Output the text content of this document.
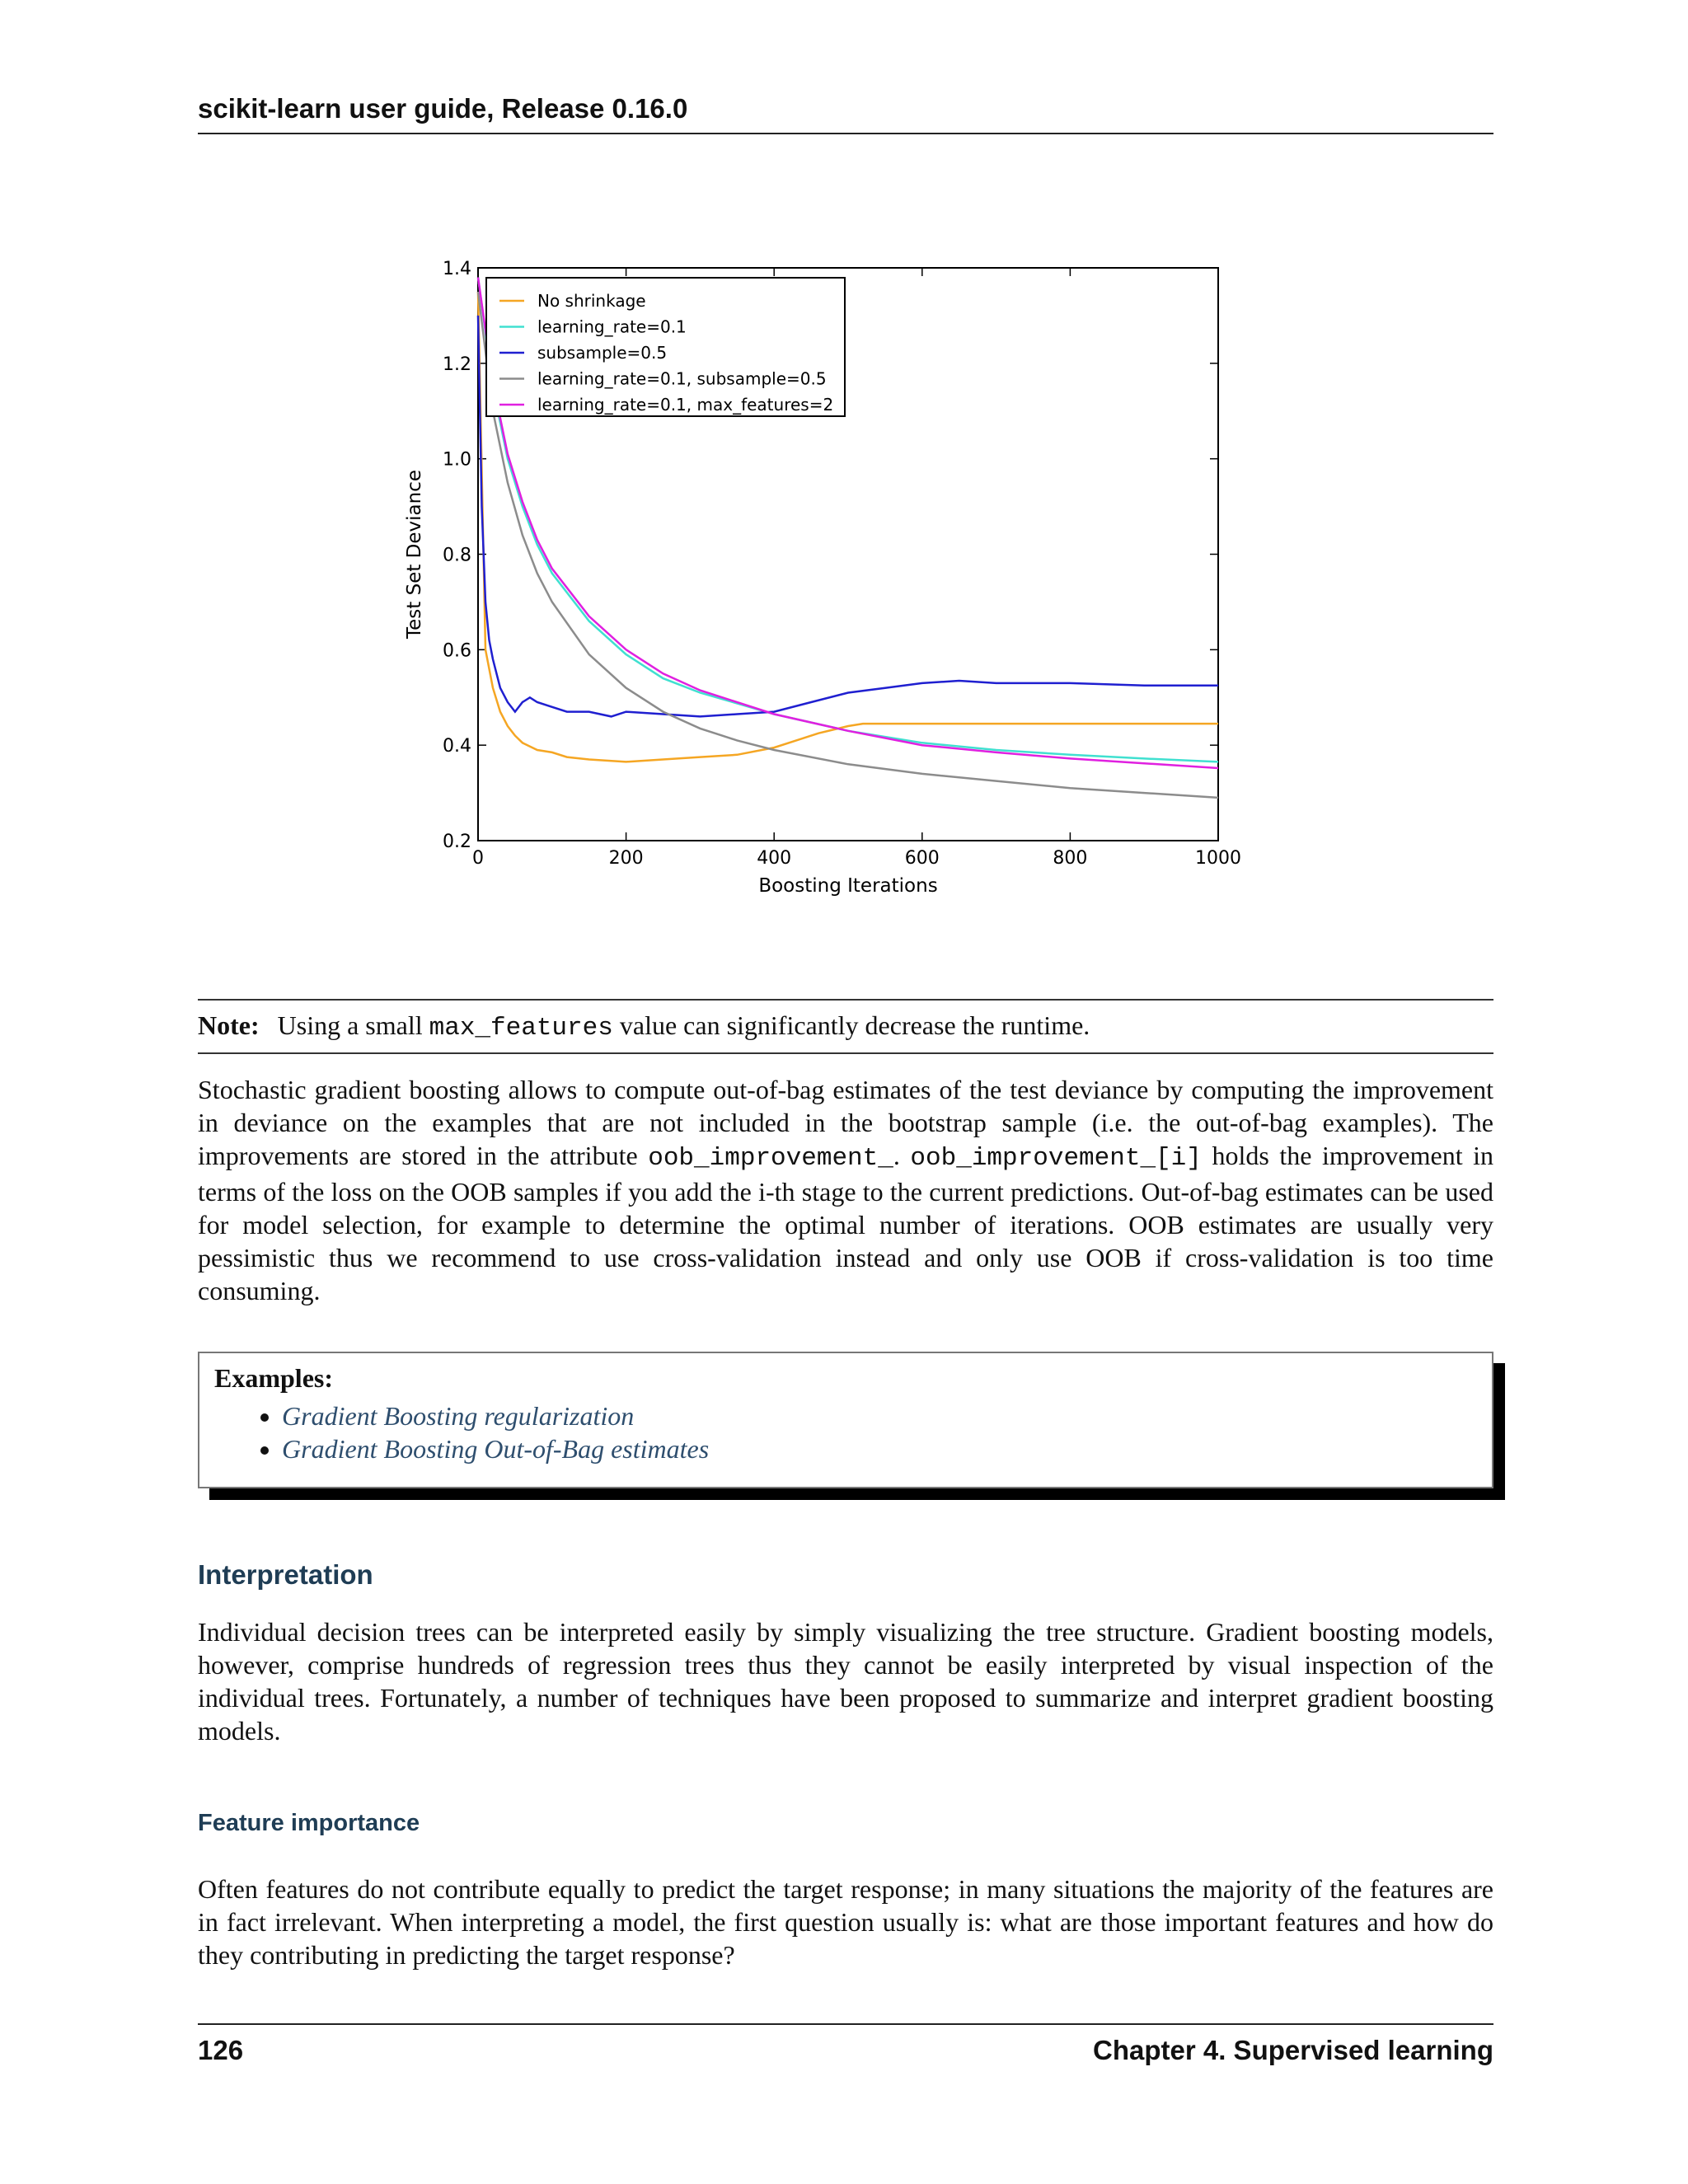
scikit-learn user guide, Release 0.16.0
0	200	400	600	800	1000
0.2
0.4
0.6
0.8
1.0
1.2
1.4
Boosting Iterations
Test Set Deviance
No shrinkage
learning_rate=0.1
subsample=0.5
learning_rate=0.1, subsample=0.5
learning_rate=0.1, max_features=2
Note: Using a small max_features value can significantly decrease the runtime.

Stochastic gradient boosting allows to compute out-of-bag estimates of the test deviance by computing the improvement in deviance on the examples that are not included in the bootstrap sample (i.e. the out-of-bag examples). The improvements are stored in the attribute oob_improvement_. oob_improvement_[i] holds the improvement in terms of the loss on the OOB samples if you add the i-th stage to the current predictions. Out-of-bag estimates can be used for model selection, for example to determine the optimal number of iterations. OOB estimates are usually very pessimistic thus we recommend to use cross-validation instead and only use OOB if cross-validation is too time consuming.

Examples:
• Gradient Boosting regularization
• Gradient Boosting Out-of-Bag estimates
Interpretation

Individual decision trees can be interpreted easily by simply visualizing the tree structure. Gradient boosting models, however, comprise hundreds of regression trees thus they cannot be easily interpreted by visual inspection of the individual trees. Fortunately, a number of techniques have been proposed to summarize and interpret gradient boosting models.

Feature importance

Often features do not contribute equally to predict the target response; in many situations the majority of the features are in fact irrelevant. When interpreting a model, the first question usually is: what are those important features and how do they contributing in predicting the target response?

126	Chapter 4. Supervised learning
